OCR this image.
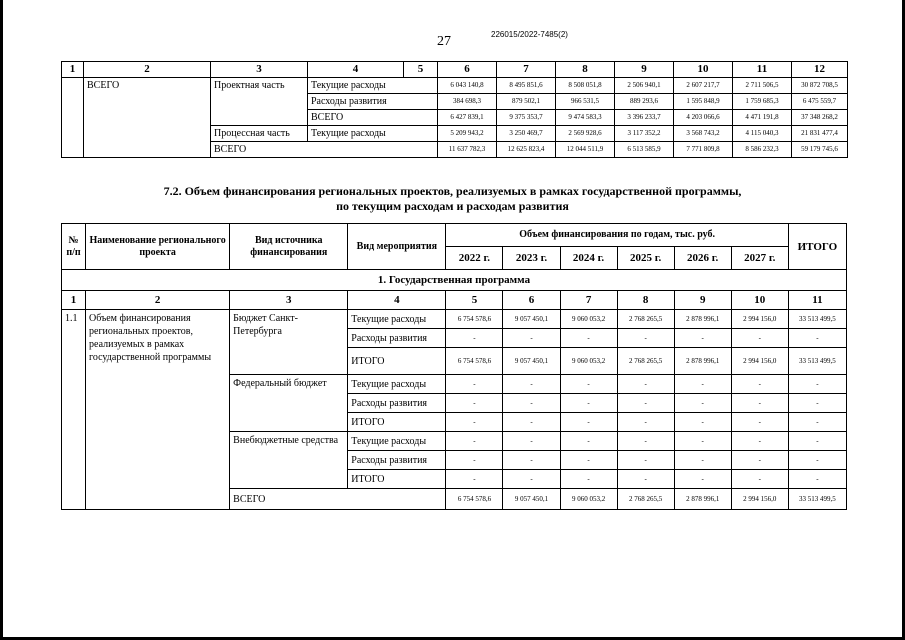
27	226015/2022-7485(2)
1	2	3	4	5	6	7	8	9	10	11	12
	ВСЕГО	Проектная часть	Текущие расходы		6 043 140,8	8 495 851,6	8 508 051,8	2 506 940,1	2 607 217,7	2 711 506,5	30 872 708,5
			Расходы развития		384 698,3	879 502,1	966 531,5	889 293,6	1 595 848,9	1 759 685,3	6 475 559,7
			ВСЕГО		6 427 839,1	9 375 353,7	9 474 583,3	3 396 233,7	4 203 066,6	4 471 191,8	37 348 268,2
		Процессная часть	Текущие расходы		5 209 943,2	3 250 469,7	2 569 928,6	3 117 352,2	3 568 743,2	4 115 040,3	21 831 477,4
		ВСЕГО			11 637 782,3	12 625 823,4	12 044 511,9	6 513 585,9	7 771 809,8	8 586 232,3	59 179 745,6
7.2. Объем финансирования региональных проектов, реализуемых в рамках государственной программы,
по текущим расходам и расходам развития
№ п/п	Наименование регионального проекта	Вид источника финансирования	Вид мероприятия	Объем финансирования по годам, тыс. руб.						ИТОГО
				2022 г.	2023 г.	2024 г.	2025 г.	2026 г.	2027 г.	
1. Государственная программа										
1	2	3	4	5	6	7	8	9	10	11
1.1	Объем финансирования региональных проектов, реализуемых в рамках государственной программы	Бюджет Санкт-Петербурга	Текущие расходы	6 754 578,6	9 057 450,1	9 060 053,2	2 768 265,5	2 878 996,1	2 994 156,0	33 513 499,5
			Расходы развития	-	-	-	-	-	-	-
			ИТОГО	6 754 578,6	9 057 450,1	9 060 053,2	2 768 265,5	2 878 996,1	2 994 156,0	33 513 499,5
		Федеральный бюджет	Текущие расходы	-	-	-	-	-	-	-
			Расходы развития	-	-	-	-	-	-	-
			ИТОГО	-	-	-	-	-	-	-
		Внебюджетные средства	Текущие расходы	-	-	-	-	-	-	-
			Расходы развития	-	-	-	-	-	-	-
			ИТОГО	-	-	-	-	-	-	-
		ВСЕГО		6 754 578,6	9 057 450,1	9 060 053,2	2 768 265,5	2 878 996,1	2 994 156,0	33 513 499,5
